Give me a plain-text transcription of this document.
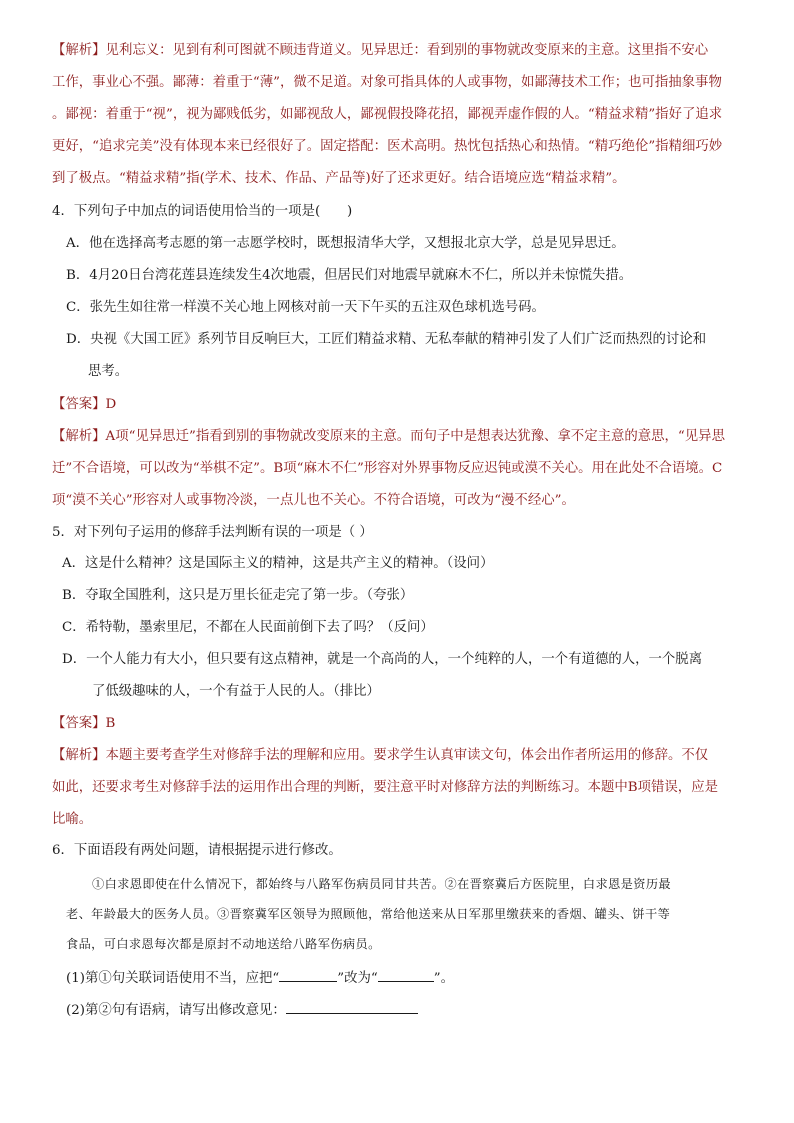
【解析】见利忘义：见到有利可图就不顾违背道义。见异思迁：看到别的事物就改变原来的主意。这里指不安心
工作，事业心不强。鄙薄：着重于“薄”，微不足道。对象可指具体的人或事物，如鄙薄技术工作；也可指抽象事物
。鄙视：着重于“视”，视为鄙贱低劣，如鄙视敌人，鄙视假投降花招，鄙视弄虚作假的人。“精益求精”指好了追求
更好，“追求完美”没有体现本来已经很好了。固定搭配：医术高明。热忱包括热心和热情。“精巧绝伦”指精细巧妙
到了极点。“精益求精”指(学术、技术、作品、产品等)好了还求更好。结合语境应选“精益求精”。
4．下列句子中加点的词语使用恰当的一项是(　　)
A．他在选择高考志愿的第一志愿学校时，既想报清华大学，又想报北京大学，总是见异思迁。
B．4月20日台湾花莲县连续发生4次地震，但居民们对地震早就麻木不仁，所以并未惊慌失措。
C．张先生如往常一样漠不关心地上网核对前一天下午买的五注双色球机选号码。
D．央视《大国工匠》系列节目反响巨大，工匠们精益求精、无私奉献的精神引发了人们广泛而热烈的讨论和
思考。
【答案】D
【解析】A项“见异思迁”指看到别的事物就改变原来的主意。而句子中是想表达犹豫、拿不定主意的意思，“见异思
迁”不合语境，可以改为“举棋不定”。B项“麻木不仁”形容对外界事物反应迟钝或漠不关心。用在此处不合语境。C
项“漠不关心”形容对人或事物冷淡，一点儿也不关心。不符合语境，可改为“漫不经心”。
5．对下列句子运用的修辞手法判断有误的一项是（ ）
A．这是什么精神？这是国际主义的精神，这是共产主义的精神。（设问）
B．夺取全国胜利，这只是万里长征走完了第一步。（夸张）
C．希特勒，墨索里尼，不都在人民面前倒下去了吗？（反问）
D．一个人能力有大小，但只要有这点精神，就是一个高尚的人，一个纯粹的人，一个有道德的人，一个脱离
了低级趣味的人，一个有益于人民的人。（排比）
【答案】B
【解析】本题主要考查学生对修辞手法的理解和应用。要求学生认真审读文句，体会出作者所运用的修辞。不仅
如此，还要求考生对修辞手法的运用作出合理的判断，要注意平时对修辞方法的判断练习。本题中B项错误，应是
比喻。
6．下面语段有两处问题，请根据提示进行修改。
①白求恩即使在什么情况下，都始终与八路军伤病员同甘共苦。②在晋察冀后方医院里，白求恩是资历最
老、年龄最大的医务人员。③晋察冀军区领导为照顾他，常给他送来从日军那里缴获来的香烟、罐头、饼干等
食品，可白求恩每次都是原封不动地送给八路军伤病员。
(1)第①句关联词语使用不当，应把“	”改为“	”。
(2)第②句有语病，请写出修改意见：
